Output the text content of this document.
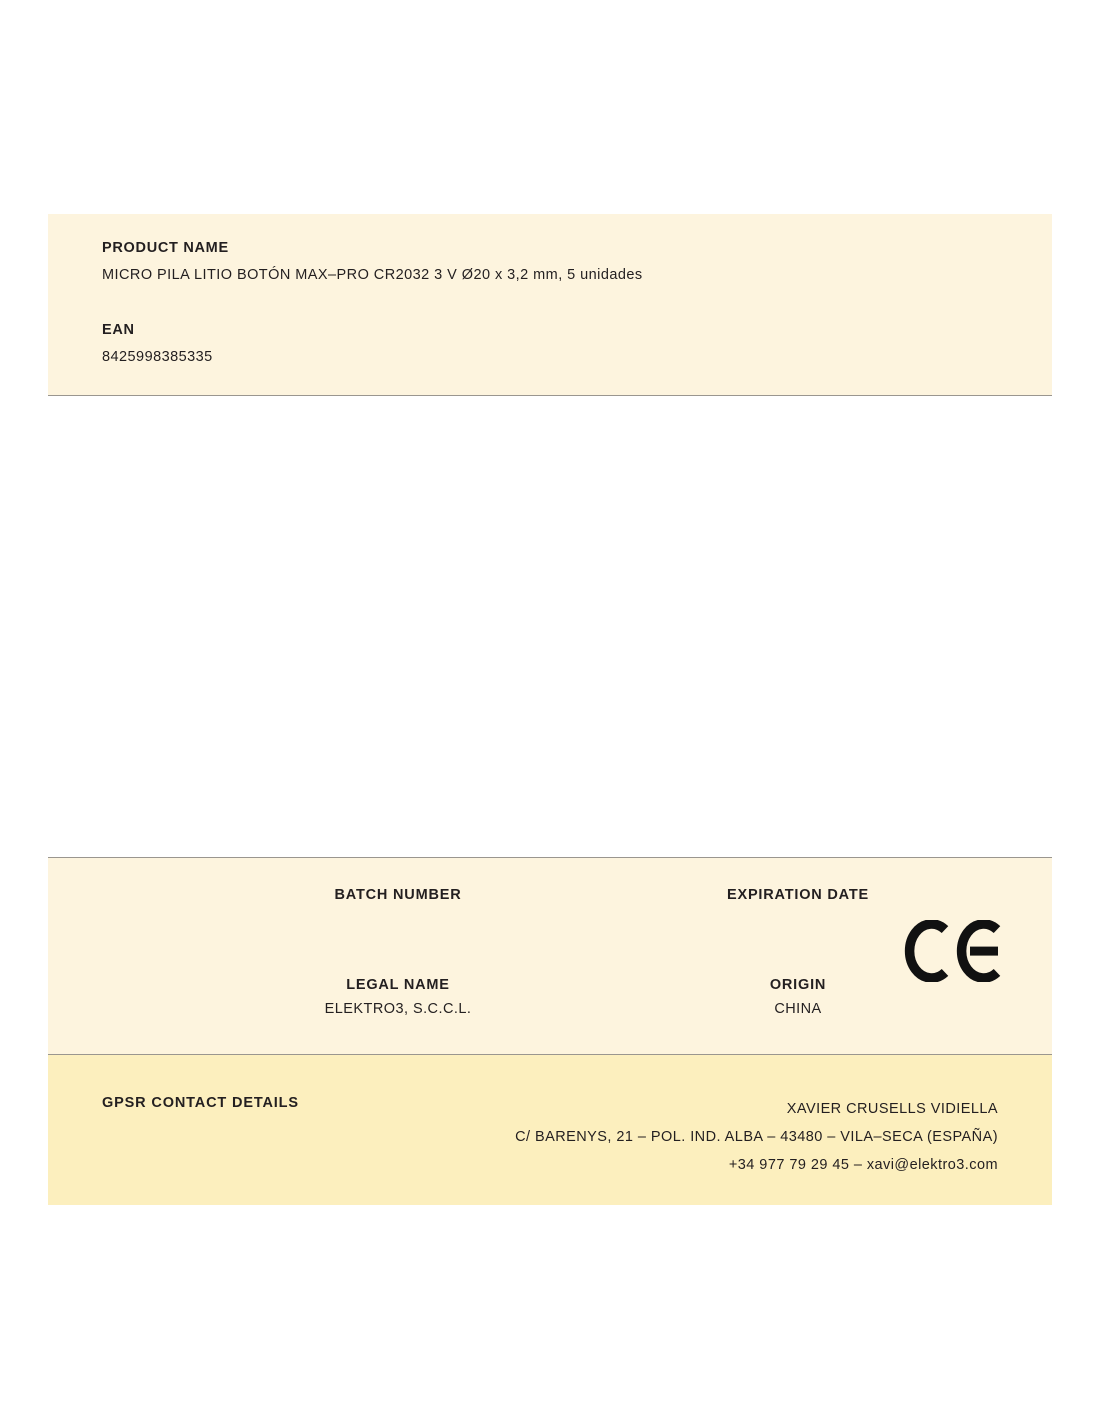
PRODUCT NAME
MICRO PILA LITIO BOTÓN MAX–PRO CR2032 3 V Ø20 x 3,2 mm, 5 unidades
EAN
8425998385335
BATCH NUMBER	EXPIRATION DATE
LEGAL NAME
ELEKTRO3, S.C.C.L.
ORIGIN
CHINA
GPSR CONTACT DETAILS	XAVIER CRUSELLS VIDIELLA
C/ BARENYS, 21 – POL. IND. ALBA – 43480 – VILA–SECA (ESPAÑA)
+34 977 79 29 45 – xavi@elektro3.com
